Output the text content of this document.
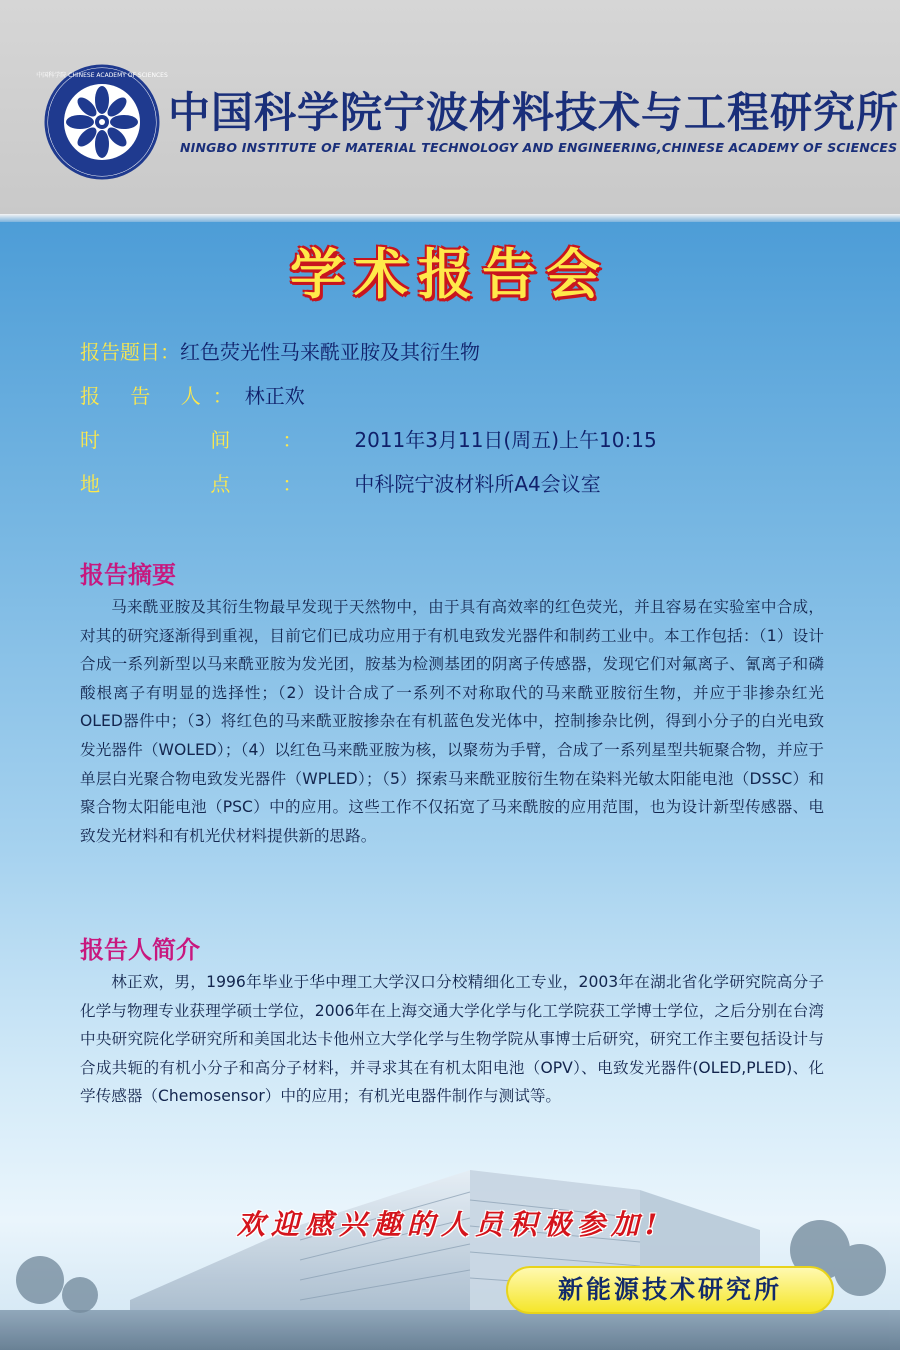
中国科学院 CHINESE ACADEMY OF SCIENCES
中国科学院宁波材料技术与工程研究所
NINGBO INSTITUTE OF MATERIAL TECHNOLOGY AND ENGINEERING,CHINESE ACADEMY OF SCIENCES
学术报告会
报告题目：红色荧光性马来酰亚胺及其衍生物
报 告 人：林正欢
时 间：2011年3月11日(周五)上午10:15
地 点：中科院宁波材料所A4会议室
报告摘要
马来酰亚胺及其衍生物最早发现于天然物中，由于具有高效率的红色荧光，并且容易在实验室中合成，对其的研究逐渐得到重视，目前它们已成功应用于有机电致发光器件和制药工业中。本工作包括：（1）设计合成一系列新型以马来酰亚胺为发光团，胺基为检测基团的阴离子传感器，发现它们对氟离子、氰离子和磷酸根离子有明显的选择性；（2）设计合成了一系列不对称取代的马来酰亚胺衍生物，并应于非掺杂红光OLED器件中；（3）将红色的马来酰亚胺掺杂在有机蓝色发光体中，控制掺杂比例，得到小分子的白光电致发光器件（WOLED）；（4）以红色马来酰亚胺为核，以聚芴为手臂，合成了一系列星型共轭聚合物，并应于单层白光聚合物电致发光器件（WPLED）；（5）探索马来酰亚胺衍生物在染料光敏太阳能电池（DSSC）和聚合物太阳能电池（PSC）中的应用。这些工作不仅拓宽了马来酰胺的应用范围，也为设计新型传感器、电致发光材料和有机光伏材料提供新的思路。
报告人简介
林正欢，男，1996年毕业于华中理工大学汉口分校精细化工专业，2003年在湖北省化学研究院高分子化学与物理专业获理学硕士学位，2006年在上海交通大学化学与化工学院获工学博士学位，之后分别在台湾中央研究院化学研究所和美国北达卡他州立大学化学与生物学院从事博士后研究，研究工作主要包括设计与合成共轭的有机小分子和高分子材料，并寻求其在有机太阳电池（OPV）、电致发光器件(OLED,PLED)、化学传感器（Chemosensor）中的应用；有机光电器件制作与测试等。
欢迎感兴趣的人员积极参加!
新能源技术研究所
